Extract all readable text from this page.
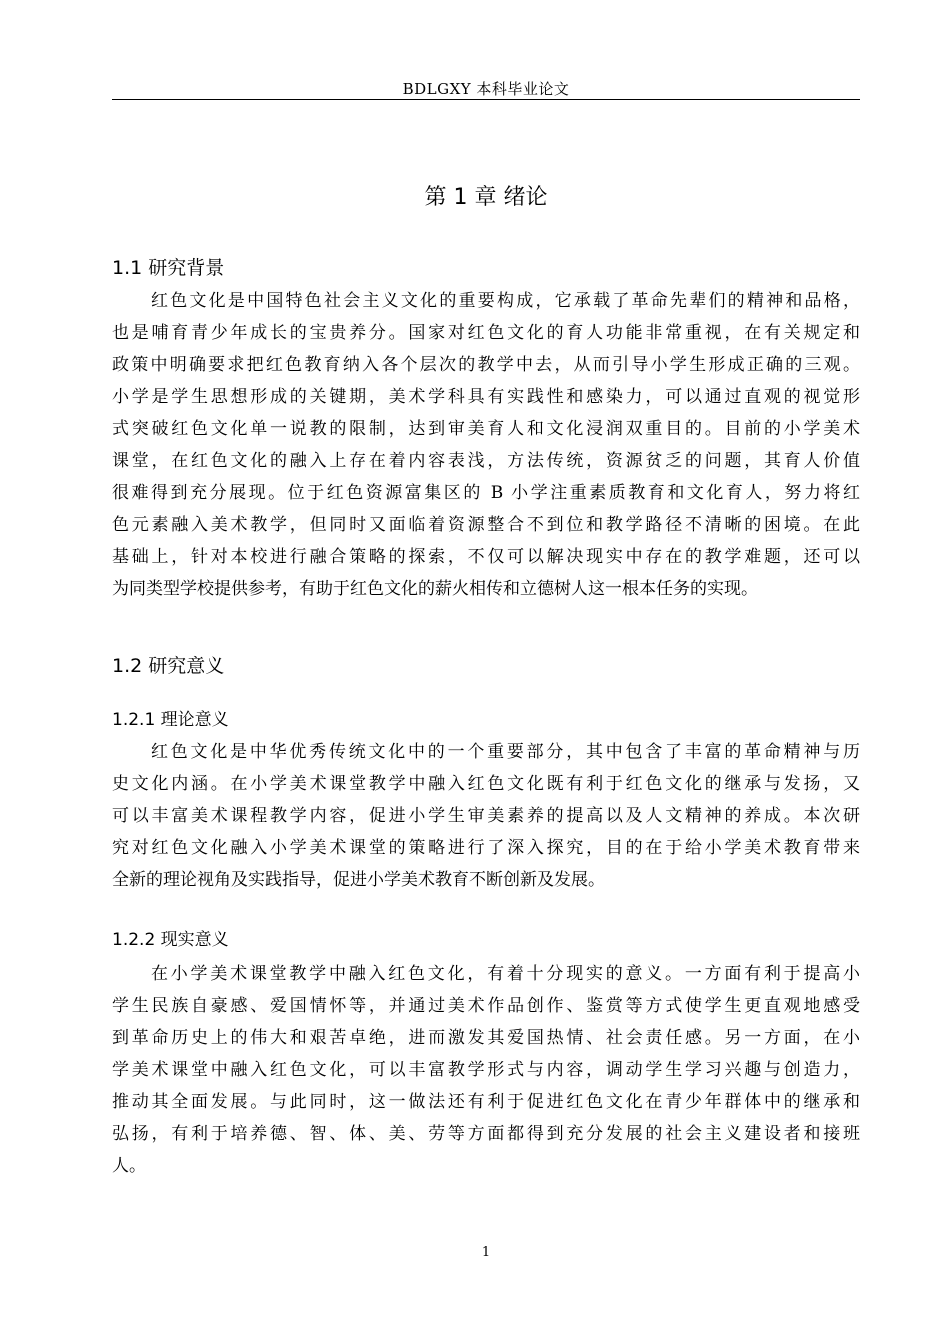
BDLGXY 本科毕业论文
第 1 章 绪论
1.1 研究背景
红色文化是中国特色社会主义文化的重要构成，它承载了革命先辈们的精神和品格，
也是哺育青少年成长的宝贵养分。国家对红色文化的育人功能非常重视，在有关规定和
政策中明确要求把红色教育纳入各个层次的教学中去，从而引导小学生形成正确的三观。
小学是学生思想形成的关键期，美术学科具有实践性和感染力，可以通过直观的视觉形
式突破红色文化单一说教的限制，达到审美育人和文化浸润双重目的。目前的小学美术
课堂，在红色文化的融入上存在着内容表浅，方法传统，资源贫乏的问题，其育人价值
很难得到充分展现。位于红色资源富集区的 B 小学注重素质教育和文化育人，努力将红
色元素融入美术教学，但同时又面临着资源整合不到位和教学路径不清晰的困境。在此
基础上，针对本校进行融合策略的探索，不仅可以解决现实中存在的教学难题，还可以
为同类型学校提供参考，有助于红色文化的薪火相传和立德树人这一根本任务的实现。
1.2 研究意义
1.2.1 理论意义
红色文化是中华优秀传统文化中的一个重要部分，其中包含了丰富的革命精神与历
史文化内涵。在小学美术课堂教学中融入红色文化既有利于红色文化的继承与发扬，又
可以丰富美术课程教学内容，促进小学生审美素养的提高以及人文精神的养成。本次研
究对红色文化融入小学美术课堂的策略进行了深入探究，目的在于给小学美术教育带来
全新的理论视角及实践指导，促进小学美术教育不断创新及发展。
1.2.2 现实意义
在小学美术课堂教学中融入红色文化，有着十分现实的意义。一方面有利于提高小
学生民族自豪感、爱国情怀等，并通过美术作品创作、鉴赏等方式使学生更直观地感受
到革命历史上的伟大和艰苦卓绝，进而激发其爱国热情、社会责任感。另一方面，在小
学美术课堂中融入红色文化，可以丰富教学形式与内容，调动学生学习兴趣与创造力，
推动其全面发展。与此同时，这一做法还有利于促进红色文化在青少年群体中的继承和
弘扬，有利于培养德、智、体、美、劳等方面都得到充分发展的社会主义建设者和接班
人。
1
